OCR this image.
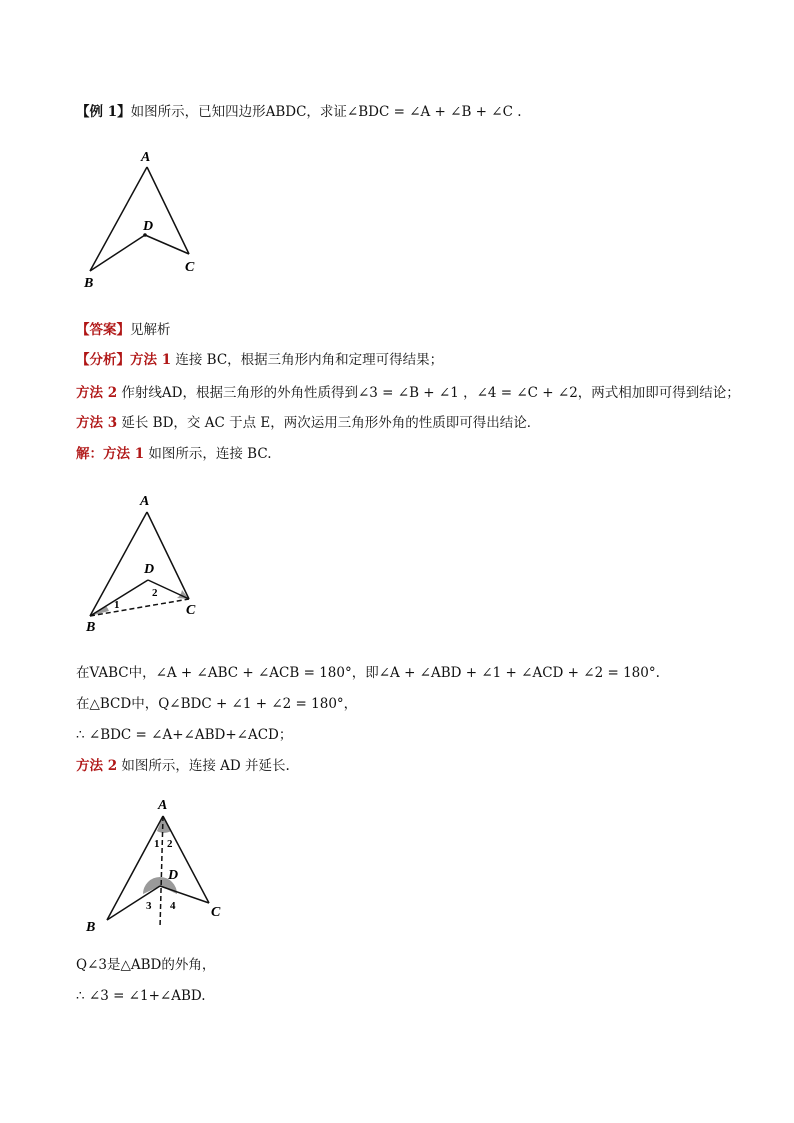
【例 1】如图所示，已知四边形ABDC，求证∠BDC = ∠A + ∠B + ∠C .
A
B
C
D
【答案】见解析
【分析】方法 1 连接 BC，根据三角形内角和定理可得结果；
方法 2 作射线AD，根据三角形的外角性质得到∠3 = ∠B + ∠1 ，∠4 = ∠C + ∠2，两式相加即可得到结论；
方法 3 延长 BD，交 AC 于点 E，两次运用三角形外角的性质即可得出结论．
解：方法 1 如图所示，连接 BC.
A
B
C
D
1
2
在VABC中，∠A + ∠ABC + ∠ACB = 180°，即∠A + ∠ABD + ∠1 + ∠ACD + ∠2 = 180°.
在△BCD中，Q∠BDC + ∠1 + ∠2 = 180°，
∴ ∠BDC = ∠A+∠ABD+∠ACD；
方法 2 如图所示，连接 AD 并延长.
A
B
C
D
1 2
3 4
Q∠3是△ABD的外角，
∴ ∠3 = ∠1+∠ABD.
